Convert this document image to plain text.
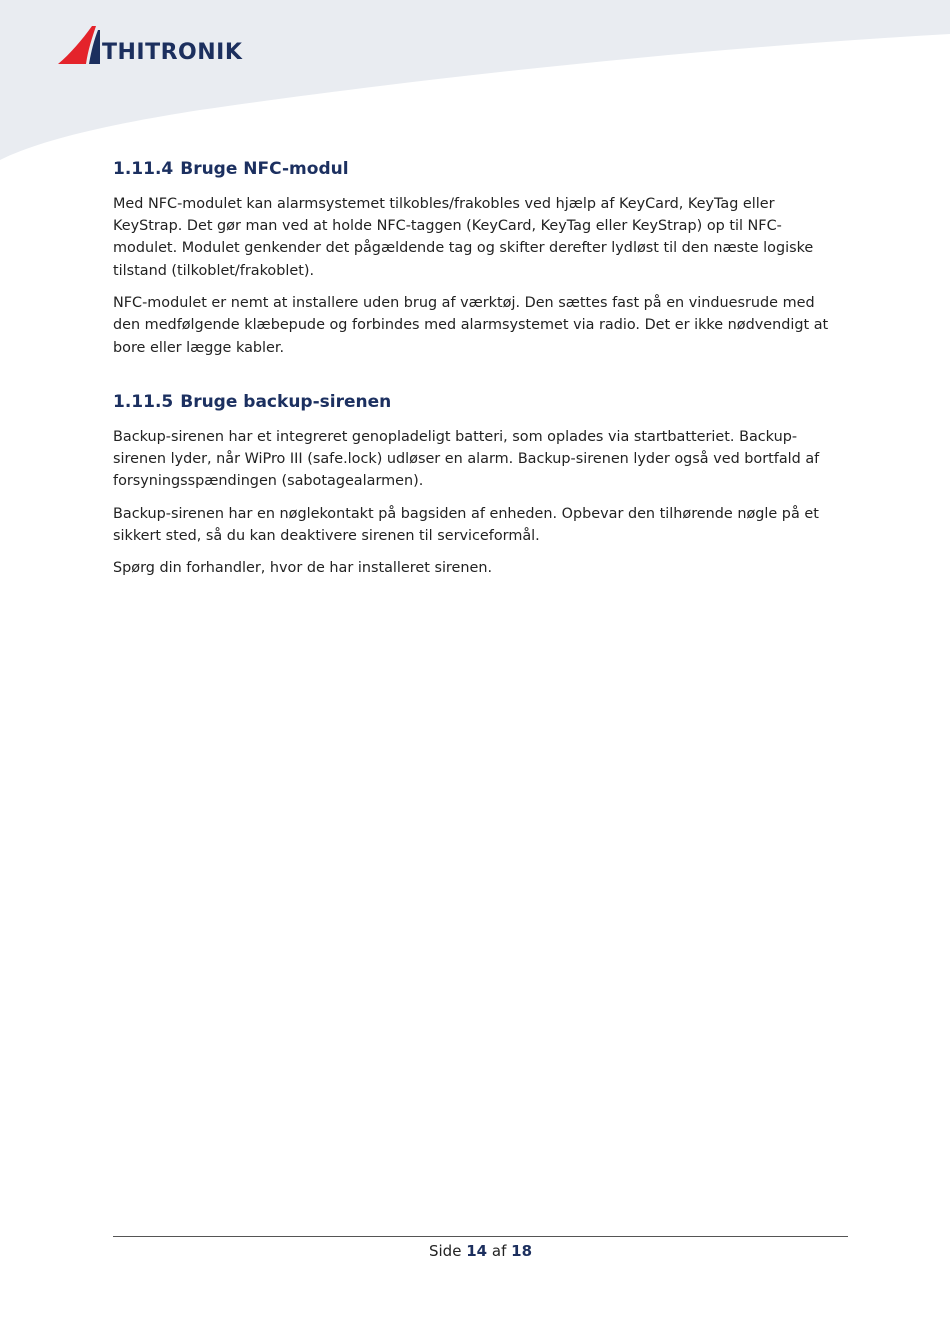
THITRONIK
1.11.4 Bruge NFC-modul

Med NFC-modulet kan alarmsystemet tilkobles/frakobles ved hjælp af KeyCard, KeyTag eller KeyStrap. Det gør man ved at holde NFC-taggen (KeyCard, KeyTag eller KeyStrap) op til NFC-modulet. Modulet genkender det pågældende tag og skifter derefter lydløst til den næste logiske tilstand (tilkoblet/frakoblet).

NFC-modulet er nemt at installere uden brug af værktøj. Den sættes fast på en vinduesrude med den medfølgende klæbepude og forbindes med alarmsystemet via radio. Det er ikke nødvendigt at bore eller lægge kabler.

1.11.5 Bruge backup-sirenen

Backup-sirenen har et integreret genopladeligt batteri, som oplades via startbatteriet. Backup-sirenen lyder, når WiPro III (safe.lock) udløser en alarm. Backup-sirenen lyder også ved bortfald af forsyningsspændingen (sabotagealarmen).

Backup-sirenen har en nøglekontakt på bagsiden af enheden. Opbevar den tilhørende nøgle på et sikkert sted, så du kan deaktivere sirenen til serviceformål.

Spørg din forhandler, hvor de har installeret sirenen.

Side 14 af 18
